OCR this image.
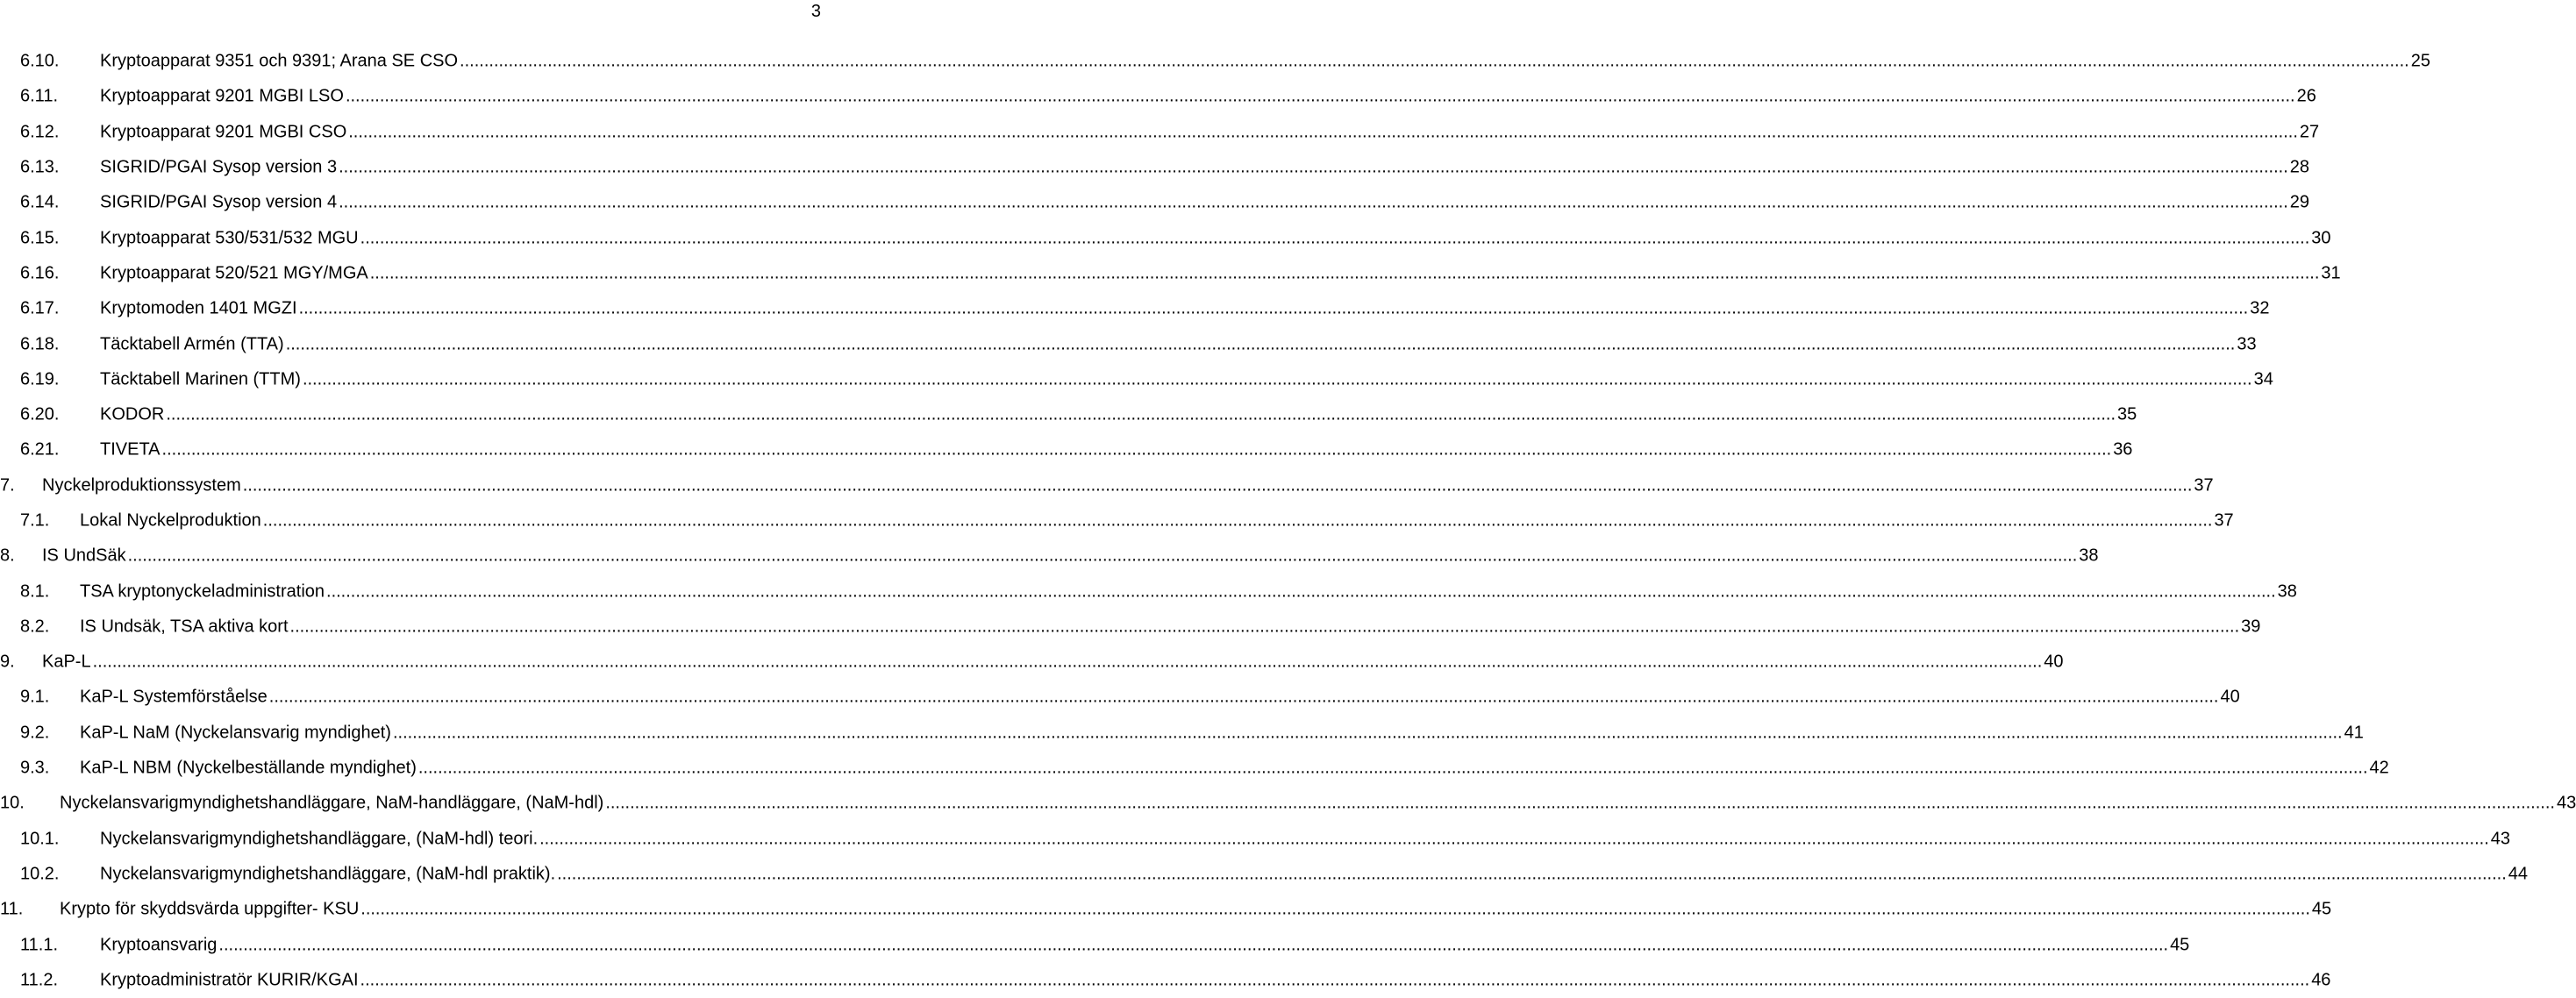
3
6.10. Kryptoapparat 9351 och 9391; Arana SE CSO ................................................................................................................................................................................................................................................................................................................................................................................................................ 25
6.11. Kryptoapparat 9201 MGBI LSO ................................................................................................................................................................................................................................................................................................................................................................................................................ 26
6.12. Kryptoapparat 9201 MGBI CSO ................................................................................................................................................................................................................................................................................................................................................................................................................ 27
6.13. SIGRID/PGAI Sysop version 3 ................................................................................................................................................................................................................................................................................................................................................................................................................ 28
6.14. SIGRID/PGAI Sysop version 4 ................................................................................................................................................................................................................................................................................................................................................................................................................ 29
6.15. Kryptoapparat 530/531/532 MGU ................................................................................................................................................................................................................................................................................................................................................................................................................ 30
6.16. Kryptoapparat 520/521 MGY/MGA ................................................................................................................................................................................................................................................................................................................................................................................................................ 31
6.17. Kryptomoden 1401 MGZI ................................................................................................................................................................................................................................................................................................................................................................................................................ 32
6.18. Täcktabell Armén (TTA) ................................................................................................................................................................................................................................................................................................................................................................................................................ 33
6.19. Täcktabell Marinen (TTM) ................................................................................................................................................................................................................................................................................................................................................................................................................ 34
6.20. KODOR ................................................................................................................................................................................................................................................................................................................................................................................................................ 35
6.21. TIVETA ................................................................................................................................................................................................................................................................................................................................................................................................................ 36
7. Nyckelproduktionssystem ................................................................................................................................................................................................................................................................................................................................................................................................................ 37
7.1. Lokal Nyckelproduktion ................................................................................................................................................................................................................................................................................................................................................................................................................ 37
8. IS UndSäk ................................................................................................................................................................................................................................................................................................................................................................................................................ 38
8.1. TSA kryptonyckeladministration ................................................................................................................................................................................................................................................................................................................................................................................................................ 38
8.2. IS Undsäk, TSA aktiva kort ................................................................................................................................................................................................................................................................................................................................................................................................................ 39
9. KaP-L ................................................................................................................................................................................................................................................................................................................................................................................................................ 40
9.1. KaP-L Systemförståelse ................................................................................................................................................................................................................................................................................................................................................................................................................ 40
9.2. KaP-L NaM (Nyckelansvarig myndighet) ................................................................................................................................................................................................................................................................................................................................................................................................................ 41
9.3. KaP-L NBM (Nyckelbeställande myndighet) ................................................................................................................................................................................................................................................................................................................................................................................................................ 42
10. Nyckelansvarigmyndighetshandläggare, NaM-handläggare, (NaM-hdl) ................................................................................................................................................................................................................................................................................................................................................................................................................ 43
10.1. Nyckelansvarigmyndighetshandläggare, (NaM-hdl) teori. ................................................................................................................................................................................................................................................................................................................................................................................................................ 43
10.2. Nyckelansvarigmyndighetshandläggare, (NaM-hdl praktik). ................................................................................................................................................................................................................................................................................................................................................................................................................ 44
11. Krypto för skyddsvärda uppgifter- KSU ................................................................................................................................................................................................................................................................................................................................................................................................................ 45
11.1. Kryptoansvarig ................................................................................................................................................................................................................................................................................................................................................................................................................ 45
11.2. Kryptoadministratör KURIR/KGAI ................................................................................................................................................................................................................................................................................................................................................................................................................ 46
